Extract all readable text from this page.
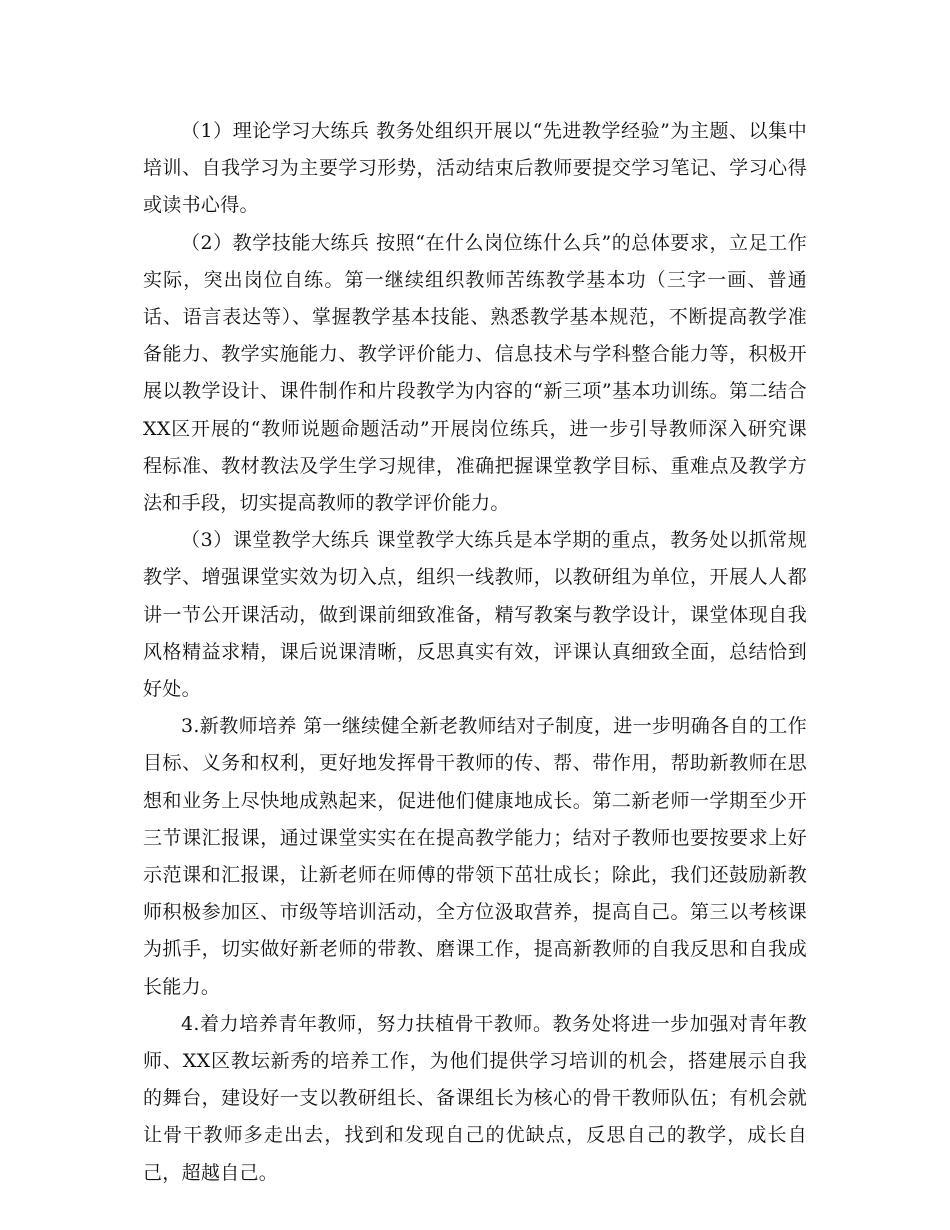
（1）理论学习大练兵 教务处组织开展以“先进教学经验”为主题、以集中培训、自我学习为主要学习形势，活动结束后教师要提交学习笔记、学习心得或读书心得。

（2）教学技能大练兵 按照“在什么岗位练什么兵”的总体要求，立足工作实际，突出岗位自练。第一继续组织教师苦练教学基本功（三字一画、普通话、语言表达等）、掌握教学基本技能、熟悉教学基本规范，不断提高教学准备能力、教学实施能力、教学评价能力、信息技术与学科整合能力等，积极开展以教学设计、课件制作和片段教学为内容的“新三项”基本功训练。第二结合XX区开展的“教师说题命题活动”开展岗位练兵，进一步引导教师深入研究课程标准、教材教法及学生学习规律，准确把握课堂教学目标、重难点及教学方法和手段，切实提高教师的教学评价能力。

（3）课堂教学大练兵 课堂教学大练兵是本学期的重点，教务处以抓常规教学、增强课堂实效为切入点，组织一线教师，以教研组为单位，开展人人都讲一节公开课活动，做到课前细致准备，精写教案与教学设计，课堂体现自我风格精益求精，课后说课清晰，反思真实有效，评课认真细致全面，总结恰到好处。

3.新教师培养 第一继续健全新老教师结对子制度，进一步明确各自的工作目标、义务和权利，更好地发挥骨干教师的传、帮、带作用，帮助新教师在思想和业务上尽快地成熟起来，促进他们健康地成长。第二新老师一学期至少开三节课汇报课，通过课堂实实在在提高教学能力；结对子教师也要按要求上好示范课和汇报课，让新老师在师傅的带领下茁壮成长；除此，我们还鼓励新教师积极参加区、市级等培训活动，全方位汲取营养，提高自己。第三以考核课为抓手，切实做好新老师的带教、磨课工作，提高新教师的自我反思和自我成长能力。

4.着力培养青年教师，努力扶植骨干教师。教务处将进一步加强对青年教师、XX区教坛新秀的培养工作，为他们提供学习培训的机会，搭建展示自我的舞台，建设好一支以教研组长、备课组长为核心的骨干教师队伍；有机会就让骨干教师多走出去，找到和发现自己的优缺点，反思自己的教学，成长自己，超越自己。
